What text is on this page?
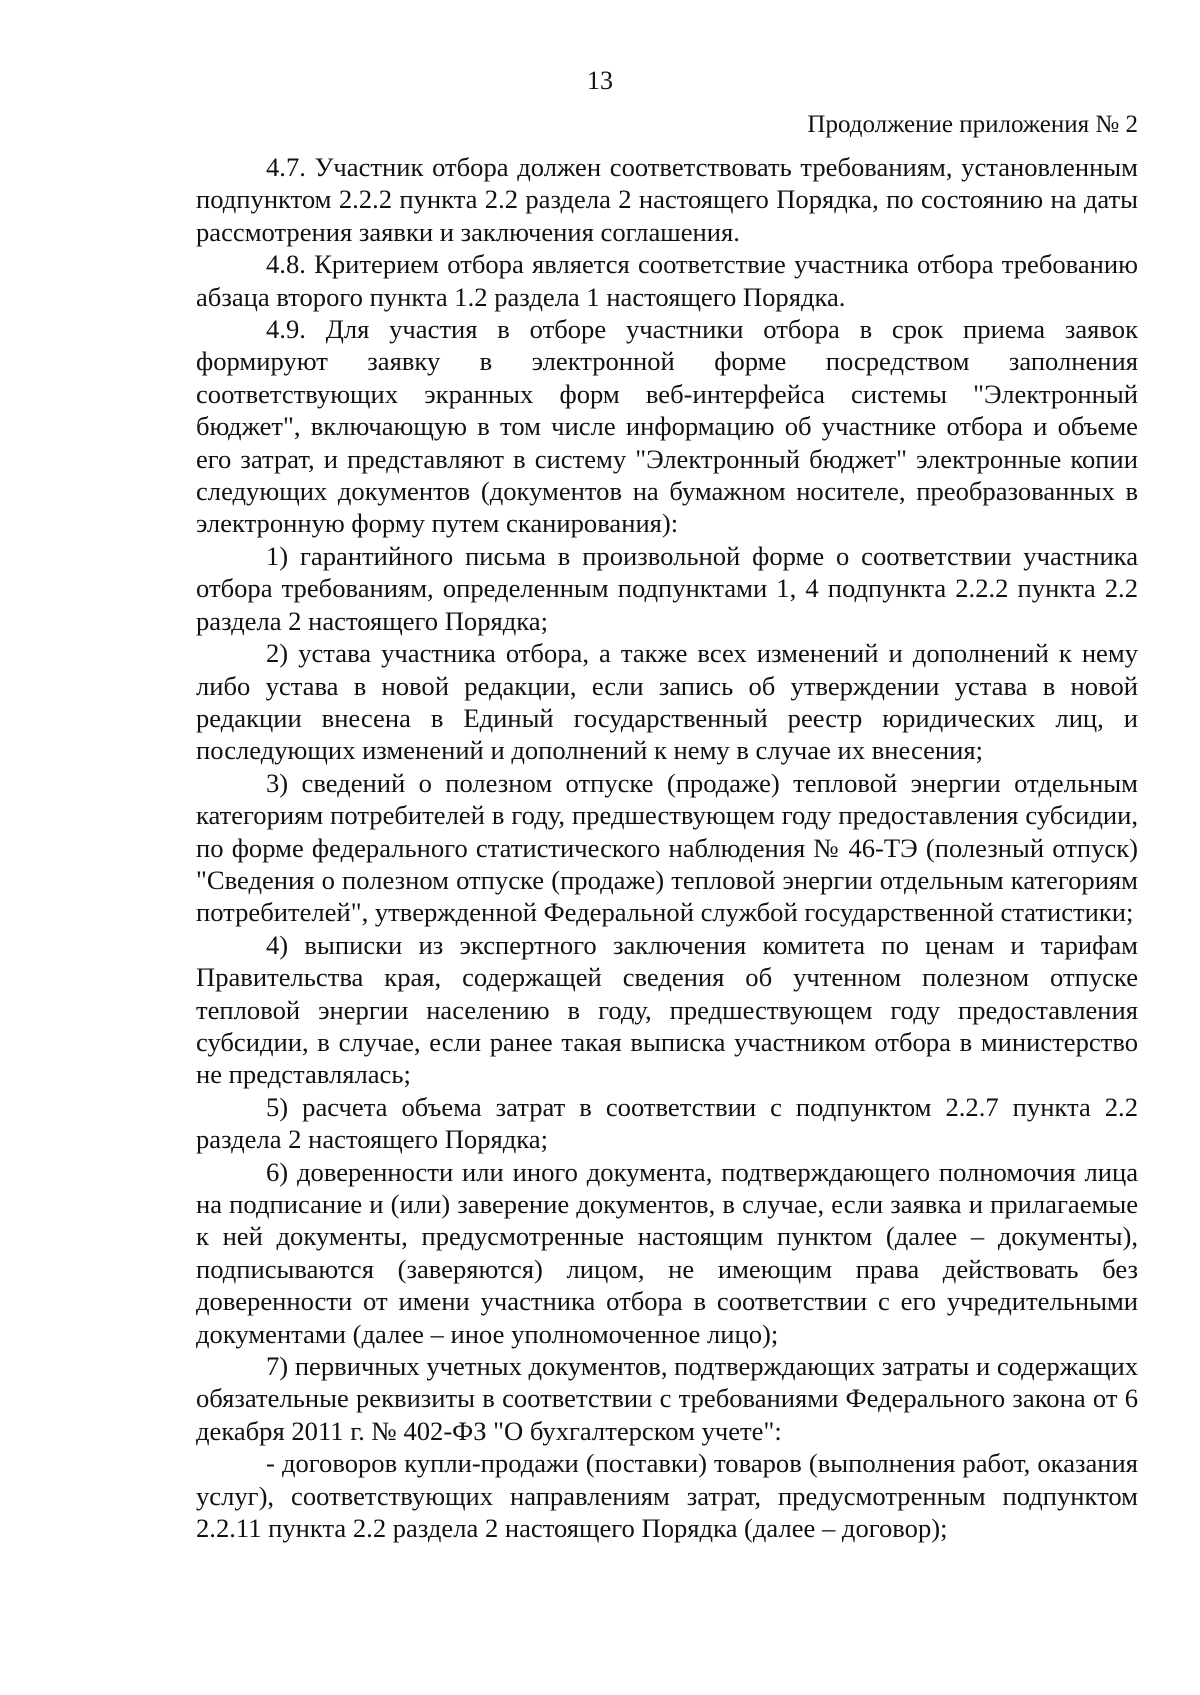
13
Продолжение приложения № 2

4.7. Участник отбора должен соответствовать требованиям, установленным подпунктом 2.2.2 пункта 2.2 раздела 2 настоящего Порядка, по состоянию на даты рассмотрения заявки и заключения соглашения.

4.8. Критерием отбора является соответствие участника отбора требованию абзаца второго пункта 1.2 раздела 1 настоящего Порядка.

4.9. Для участия в отборе участники отбора в срок приема заявок формируют заявку в электронной форме посредством заполнения соответствующих экранных форм веб-интерфейса системы "Электронный бюджет", включающую в том числе информацию об участнике отбора и объеме его затрат, и представляют в систему "Электронный бюджет" электронные копии следующих документов (документов на бумажном носителе, преобразованных в электронную форму путем сканирования):

1) гарантийного письма в произвольной форме о соответствии участника отбора требованиям, определенным подпунктами 1, 4 подпункта 2.2.2 пункта 2.2 раздела 2 настоящего Порядка;

2) устава участника отбора, а также всех изменений и дополнений к нему либо устава в новой редакции, если запись об утверждении устава в новой редакции внесена в Единый государственный реестр юридических лиц, и последующих изменений и дополнений к нему в случае их внесения;

3) сведений о полезном отпуске (продаже) тепловой энергии отдельным категориям потребителей в году, предшествующем году предоставления субсидии, по форме федерального статистического наблюдения № 46-ТЭ (полезный отпуск) "Сведения о полезном отпуске (продаже) тепловой энергии отдельным категориям потребителей", утвержденной Федеральной службой государственной статистики;

4) выписки из экспертного заключения комитета по ценам и тарифам Правительства края, содержащей сведения об учтенном полезном отпуске тепловой энергии населению в году, предшествующем году предоставления субсидии, в случае, если ранее такая выписка участником отбора в министерство не представлялась;

5) расчета объема затрат в соответствии с подпунктом 2.2.7 пункта 2.2 раздела 2 настоящего Порядка;

6) доверенности или иного документа, подтверждающего полномочия лица на подписание и (или) заверение документов, в случае, если заявка и прилагаемые к ней документы, предусмотренные настоящим пунктом (далее – документы), подписываются (заверяются) лицом, не имеющим права действовать без доверенности от имени участника отбора в соответствии с его учредительными документами (далее – иное уполномоченное лицо);

7) первичных учетных документов, подтверждающих затраты и содержащих обязательные реквизиты в соответствии с требованиями Федерального закона от 6 декабря 2011 г. № 402-ФЗ "О бухгалтерском учете":

- договоров купли-продажи (поставки) товаров (выполнения работ, оказания услуг), соответствующих направлениям затрат, предусмотренным подпунктом 2.2.11 пункта 2.2 раздела 2 настоящего Порядка (далее – договор);
